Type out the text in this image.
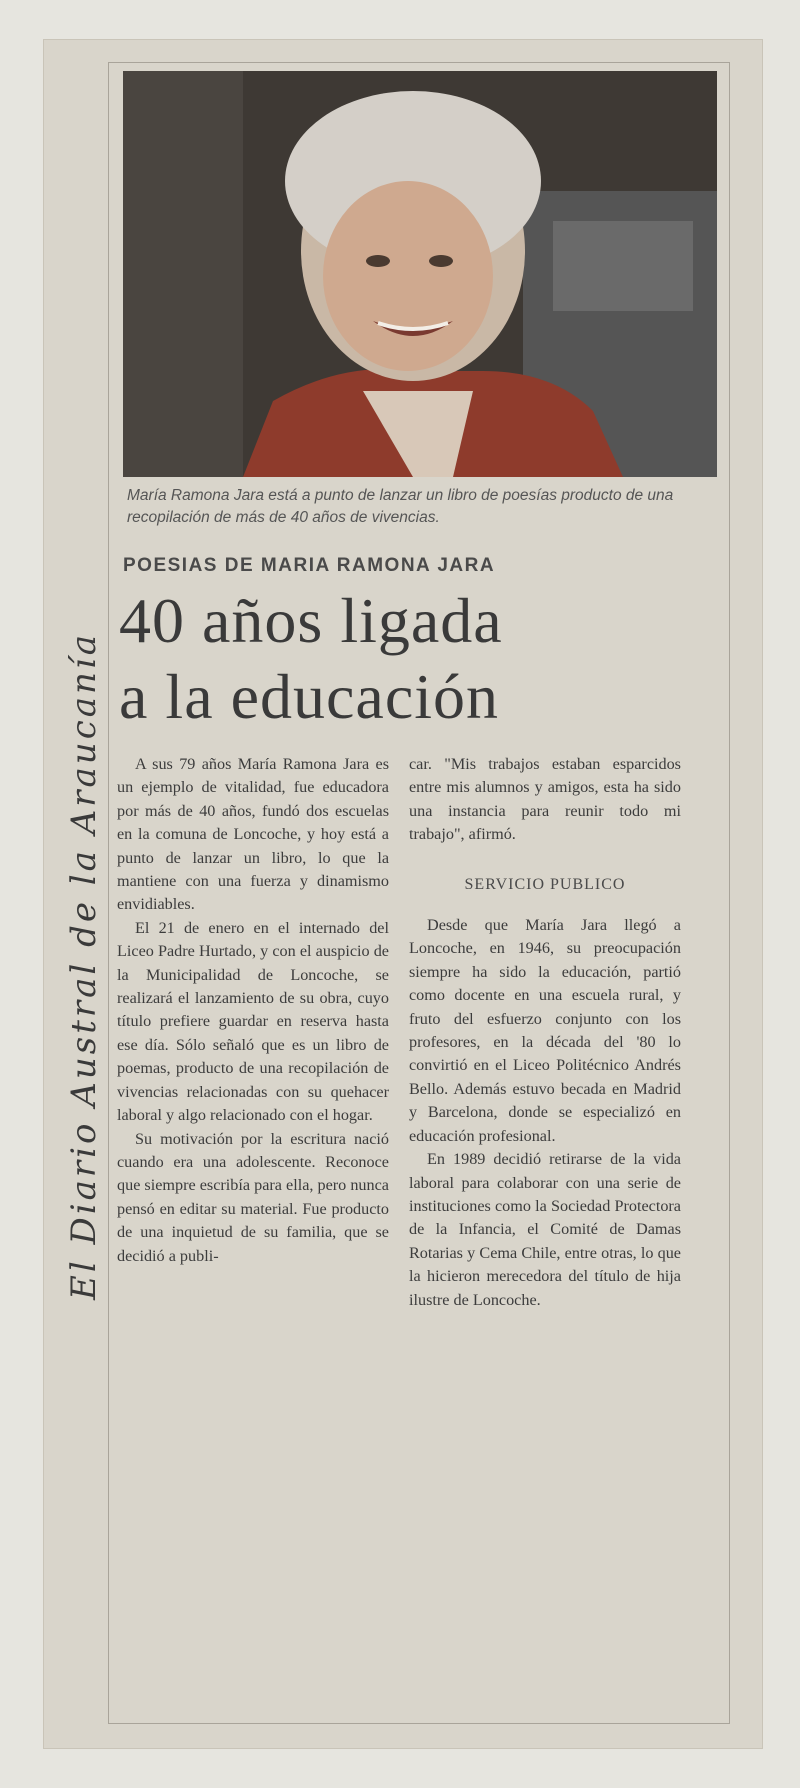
El Diario Austral de la Araucanía
María Ramona Jara está a punto de lanzar un libro de poesías producto de una recopilación de más de 40 años de vivencias.
POESIAS DE MARIA RAMONA JARA
40 años ligada
a la educación

A sus 79 años María Ramona Jara es un ejemplo de vitalidad, fue educadora por más de 40 años, fundó dos escuelas en la comuna de Loncoche, y hoy está a punto de lanzar un libro, lo que la mantiene con una fuerza y dinamismo envidiables.

El 21 de enero en el internado del Liceo Padre Hurtado, y con el auspicio de la Municipalidad de Loncoche, se realizará el lanzamiento de su obra, cuyo título prefiere guardar en reserva hasta ese día. Sólo señaló que es un libro de poemas, producto de una recopilación de vivencias relacionadas con su quehacer laboral y algo relacionado con el hogar.

Su motivación por la escritura nació cuando era una adolescente. Reconoce que siempre escribía para ella, pero nunca pensó en editar su material. Fue producto de una inquietud de su familia, que se decidió a publi-

car. "Mis trabajos estaban esparcidos entre mis alumnos y amigos, esta ha sido una instancia para reunir todo mi trabajo", afirmó.

SERVICIO PUBLICO

Desde que María Jara llegó a Loncoche, en 1946, su preocupación siempre ha sido la educación, partió como docente en una escuela rural, y fruto del esfuerzo conjunto con los profesores, en la década del '80 lo convirtió en el Liceo Politécnico Andrés Bello. Además estuvo becada en Madrid y Barcelona, donde se especializó en educación profesional.

En 1989 decidió retirarse de la vida laboral para colaborar con una serie de instituciones como la Sociedad Protectora de la Infancia, el Comité de Damas Rotarias y Cema Chile, entre otras, lo que la hicieron merecedora del título de hija ilustre de Loncoche.
